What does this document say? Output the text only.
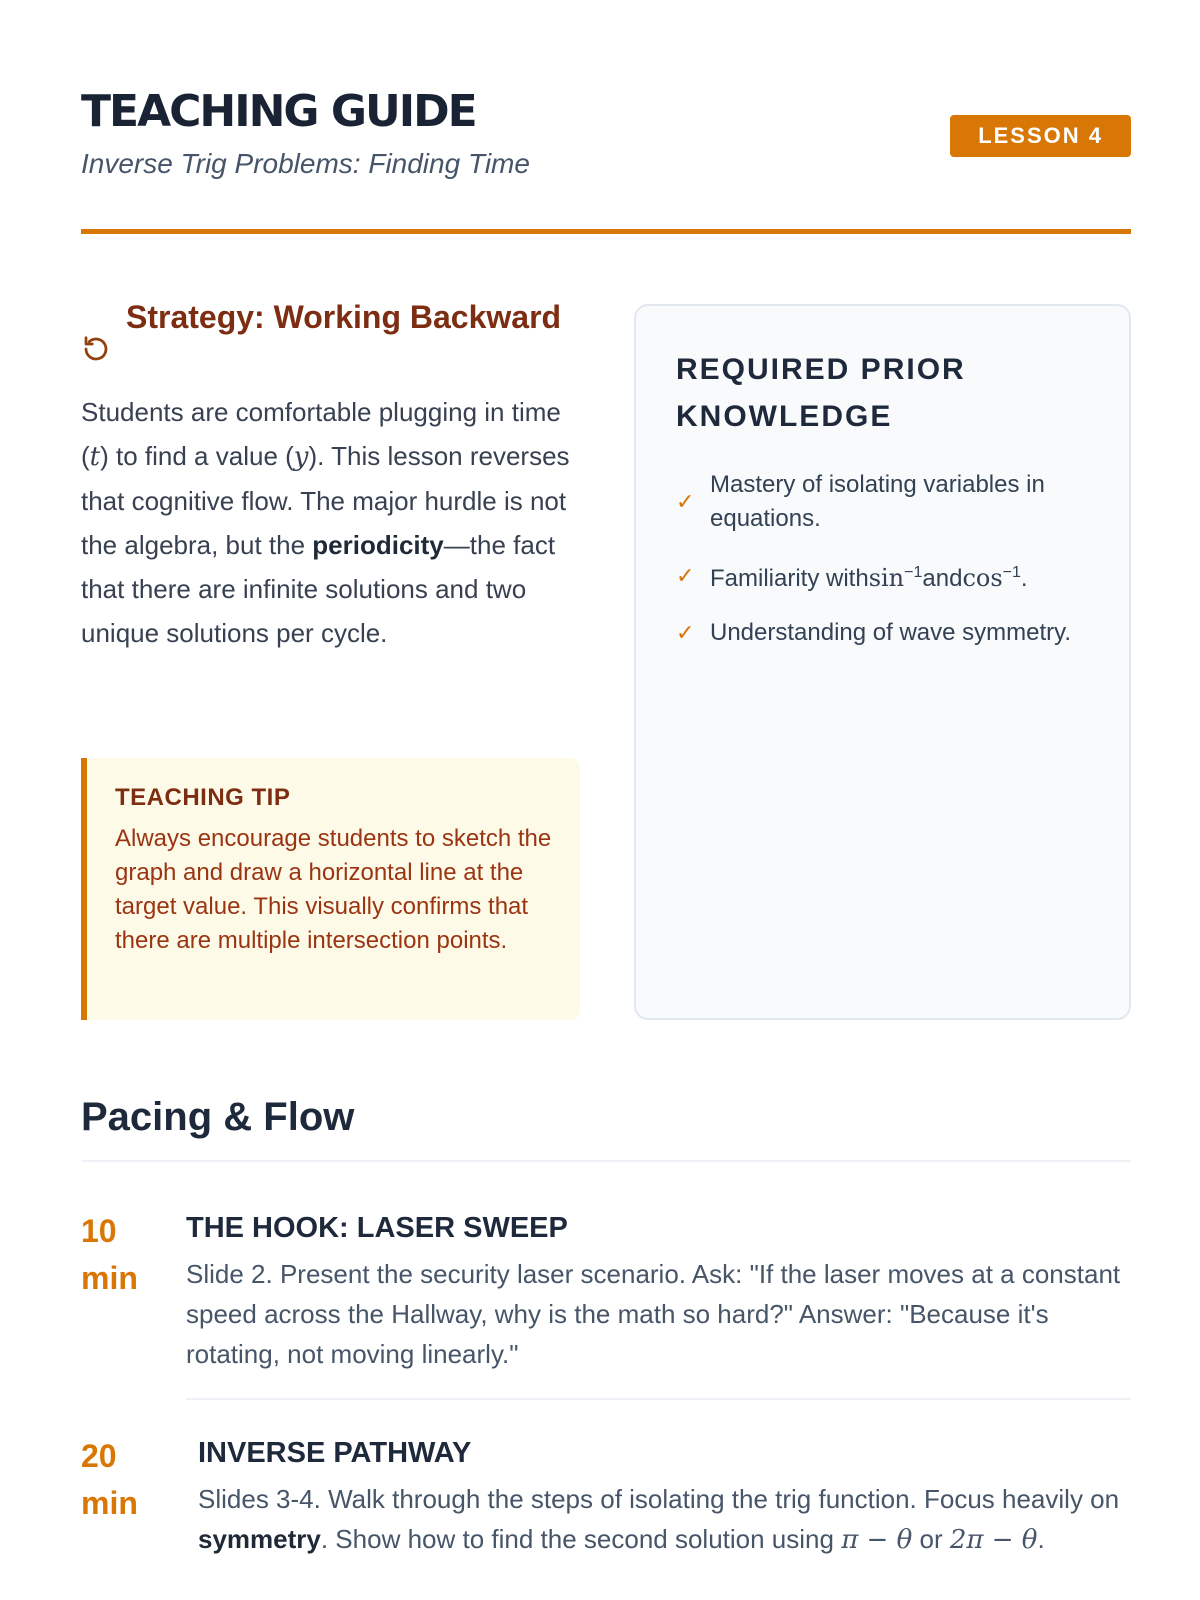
TEACHING GUIDE
Inverse Trig Problems: Finding Time
LESSON 4
Strategy: Working Backward

Students are comfortable plugging in time (t) to find a value (y). This lesson reverses that cognitive flow. The major hurdle is not the algebra, but the periodicity—the fact that there are infinite solutions and two unique solutions per cycle.

TEACHING TIP
Always encourage students to sketch the graph and draw a horizontal line at the target value. This visually confirms that there are multiple intersection points.
REQUIRED PRIOR KNOWLEDGE
✓
Mastery of isolating variables in equations.
✓ Familiarity withsin$^{-1}$andcos$^{-1}$.
✓ Understanding of wave symmetry.
Pacing & Flow
10
min
THE HOOK: LASER SWEEP
Slide 2. Present the security laser scenario. Ask: "If the laser moves at a constant speed across the Hallway, why is the math so hard?" Answer: "Because it's rotating, not moving linearly."
20
min
INVERSE PATHWAY
Slides 3-4. Walk through the steps of isolating the trig function. Focus heavily on symmetry. Show how to find the second solution using π − θ or 2π − θ.
